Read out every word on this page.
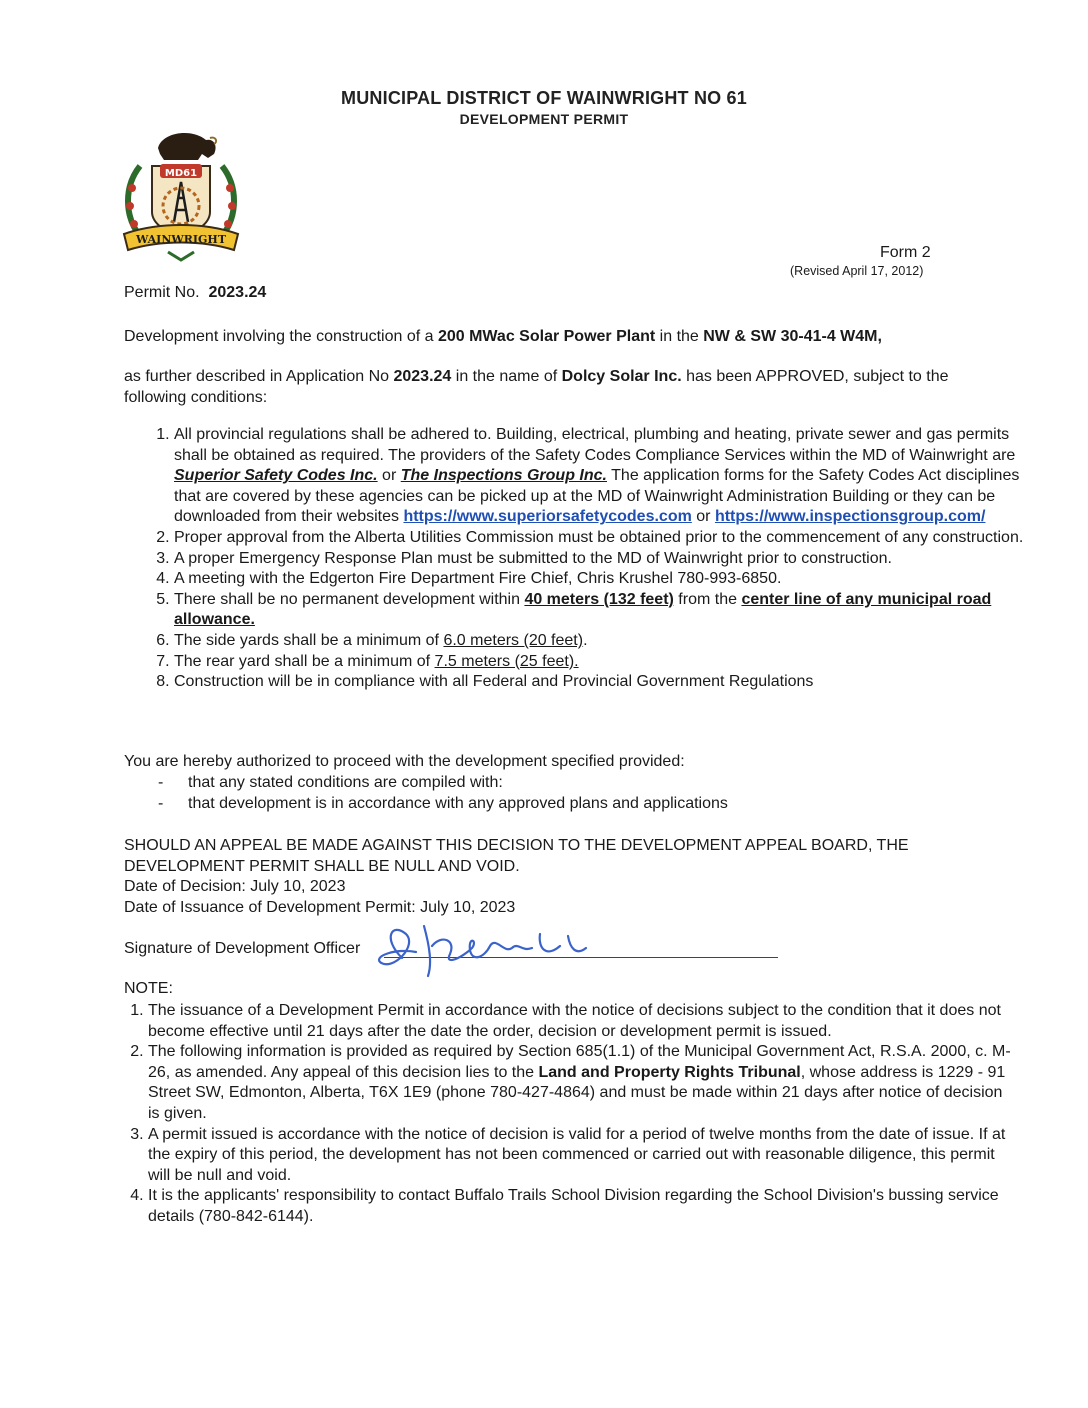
MUNICIPAL DISTRICT OF WAINWRIGHT NO 61
DEVELOPMENT PERMIT
MD61
WAINWRIGHT
Form 2
(Revised April 17, 2012)
Permit No. 2023.24
Development involving the construction of a 200 MWac Solar Power Plant in the NW & SW 30-41-4 W4M,
as further described in Application No 2023.24 in the name of Dolcy Solar Inc. has been APPROVED, subject to the following conditions:
1. All provincial regulations shall be adhered to. Building, electrical, plumbing and heating, private sewer and gas permits shall be obtained as required. The providers of the Safety Codes Compliance Services within the MD of Wainwright are Superior Safety Codes Inc. or The Inspections Group Inc. The application forms for the Safety Codes Act disciplines that are covered by these agencies can be picked up at the MD of Wainwright Administration Building or they can be downloaded from their websites https://www.superiorsafetycodes.com or https://www.inspectionsgroup.com/
2. Proper approval from the Alberta Utilities Commission must be obtained prior to the commencement of any construction.
3. A proper Emergency Response Plan must be submitted to the MD of Wainwright prior to construction.
4. A meeting with the Edgerton Fire Department Fire Chief, Chris Krushel 780-993-6850.
5. There shall be no permanent development within 40 meters (132 feet) from the center line of any municipal road allowance.
6. The side yards shall be a minimum of 6.0 meters (20 feet).
7. The rear yard shall be a minimum of 7.5 meters (25 feet).
8. Construction will be in compliance with all Federal and Provincial Government Regulations
You are hereby authorized to proceed with the development specified provided:
- that any stated conditions are compiled with:
- that development is in accordance with any approved plans and applications
SHOULD AN APPEAL BE MADE AGAINST THIS DECISION TO THE DEVELOPMENT APPEAL BOARD, THE DEVELOPMENT PERMIT SHALL BE NULL AND VOID.
Date of Decision: July 10, 2023
Date of Issuance of Development Permit: July 10, 2023
Signature of Development Officer
NOTE:
1. The issuance of a Development Permit in accordance with the notice of decisions subject to the condition that it does not become effective until 21 days after the date the order, decision or development permit is issued.
2. The following information is provided as required by Section 685(1.1) of the Municipal Government Act, R.S.A. 2000, c. M-26, as amended. Any appeal of this decision lies to the Land and Property Rights Tribunal, whose address is 1229 - 91 Street SW, Edmonton, Alberta, T6X 1E9 (phone 780-427-4864) and must be made within 21 days after notice of decision is given.
3. A permit issued is accordance with the notice of decision is valid for a period of twelve months from the date of issue. If at the expiry of this period, the development has not been commenced or carried out with reasonable diligence, this permit will be null and void.
4. It is the applicants' responsibility to contact Buffalo Trails School Division regarding the School Division's bussing service details (780-842-6144).
